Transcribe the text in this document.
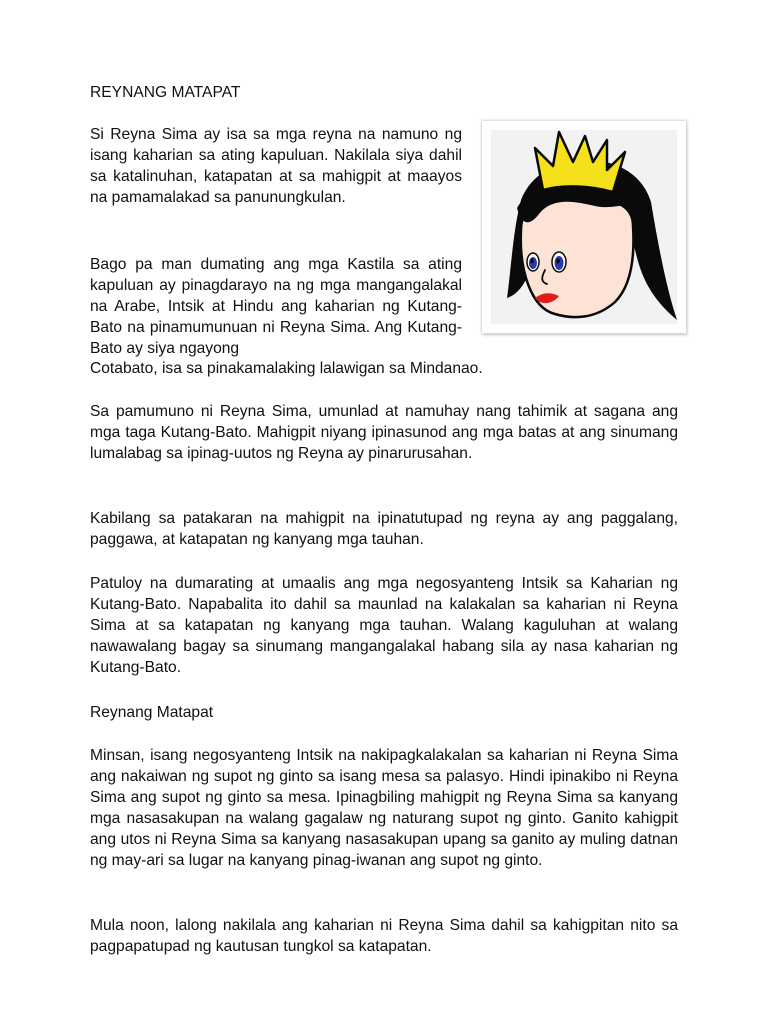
REYNANG MATAPAT

Si Reyna Sima ay isa sa mga reyna na namuno ng isang kaharian sa ating kapuluan. Nakilala siya dahil sa katalinuhan, katapatan at sa mahigpit at maayos na pamamalakad sa panunungkulan.

Bago pa man dumating ang mga Kastila sa ating kapuluan ay pinagdarayo na ng mga mangangalakal na Arabe, Intsik at Hindu ang kaharian ng Kutang-Bato na pinamumunuan ni Reyna Sima. Ang Kutang-Bato ay siya ngayong

Cotabato, isa sa pinakamalaking lalawigan sa Mindanao.

Sa pamumuno ni Reyna Sima, umunlad at namuhay nang tahimik at sagana ang mga taga Kutang-Bato. Mahigpit niyang ipinasunod ang mga batas at ang sinumang lumalabag sa ipinag-uutos ng Reyna ay pinarurusahan.

Kabilang sa patakaran na mahigpit na ipinatutupad ng reyna ay ang paggalang, paggawa, at katapatan ng kanyang mga tauhan.

Patuloy na dumarating at umaalis ang mga negosyanteng Intsik sa Kaharian ng Kutang-Bato. Napabalita ito dahil sa maunlad na kalakalan sa kaharian ni Reyna Sima at sa katapatan ng kanyang mga tauhan. Walang kaguluhan at walang nawawalang bagay sa sinumang mangangalakal habang sila ay nasa kaharian ng Kutang-Bato.

Reynang Matapat

Minsan, isang negosyanteng Intsik na nakipagkalakalan sa kaharian ni Reyna Sima ang nakaiwan ng supot ng ginto sa isang mesa sa palasyo. Hindi ipinakibo ni Reyna Sima ang supot ng ginto sa mesa. Ipinagbiling mahigpit ng Reyna Sima sa kanyang mga nasasakupan na walang gagalaw ng naturang supot ng ginto. Ganito kahigpit ang utos ni Reyna Sima sa kanyang nasasakupan upang sa ganito ay muling datnan ng may-ari sa lugar na kanyang pinag-iwanan ang supot ng ginto.

Mula noon, lalong nakilala ang kaharian ni Reyna Sima dahil sa kahigpitan nito sa pagpapatupad ng kautusan tungkol sa katapatan.
